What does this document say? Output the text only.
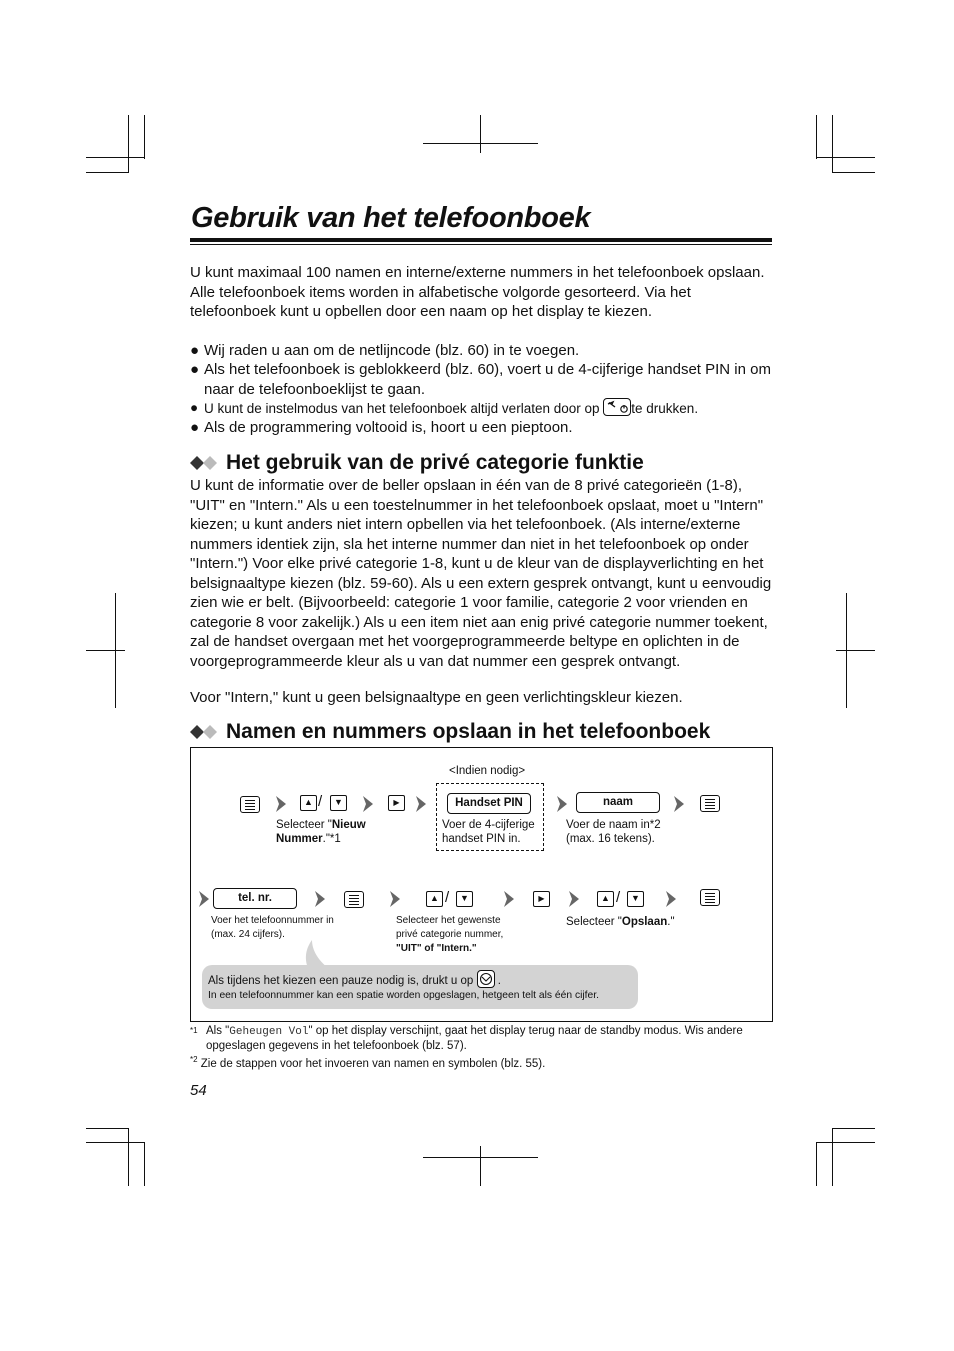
Gebruik van het telefoonboek
U kunt maximaal 100 namen en interne/externe nummers in het telefoonboek opslaan. Alle telefoonboek items worden in alfabetische volgorde gesorteerd. Via het telefoonboek kunt u opbellen door een naam op het display te kiezen.
● Wij raden u aan om de netlijncode (blz. 60) in te voegen.
● Als het telefoonboek is geblokkeerd (blz. 60), voert u de 4-cijferige handset PIN in om naar de telefoonboeklijst te gaan.
● U kunt de instelmodus van het telefoonboek altijd verlaten door op te drukken.
● Als de programmering voltooid is, hoort u een pieptoon.
Het gebruik van de privé categorie funktie
U kunt de informatie over de beller opslaan in één van de 8 privé categorieën (1-8), "UIT" en "Intern." Als u een toestelnummer in het telefoonboek opslaat, moet u "Intern" kiezen; u kunt anders niet intern opbellen via het telefoonboek. (Als interne/externe nummers identiek zijn, sla het interne nummer dan niet in het telefoonboek op onder "Intern.") Voor elke privé categorie 1-8, kunt u de kleur van de displayverlichting en het belsignaaltype kiezen (blz. 59-60). Als u een extern gesprek ontvangt, kunt u eenvoudig zien wie er belt. (Bijvoorbeeld: categorie 1 voor familie, categorie 2 voor vrienden en categorie 8 voor zakelijk.) Als u een item niet aan enig privé categorie nummer toekent, zal de handset overgaan met het voorgeprogrammeerde beltype en oplichten in de voorgeprogrammeerde kleur als u van dat nummer een gesprek ontvangt.
Voor "Intern," kunt u geen belsignaaltype en geen verlichtingskleur kiezen.
Namen en nummers opslaan in het telefoonboek
<Indien nodig>
▲ /	▼	▶	Handset PIN	naam
Selecteer "Nieuw Nummer."*1
Voer de 4-cijferige handset PIN in.
Voer de naam in*2
(max. 16 tekens).
tel. nr.	▲ /	▼	▶	▲ /	▼
Voer het telefoonnummer in (max. 24 cijfers).
Selecteer het gewenste privé categorie nummer, "UIT" of "Intern."
Selecteer "Opslaan."
Als tijdens het kiezen een pauze nodig is, drukt u op .
In een telefoonnummer kan een spatie worden opgeslagen, hetgeen telt als één cijfer.
$^{*1}$ Als "Geheugen Vol" op het display verschijnt, gaat het display terug naar de standby modus. Wis andere opgeslagen gegevens in het telefoonboek (blz. 57).
$^{*2}$ Zie de stappen voor het invoeren van namen en symbolen (blz. 55).
54
